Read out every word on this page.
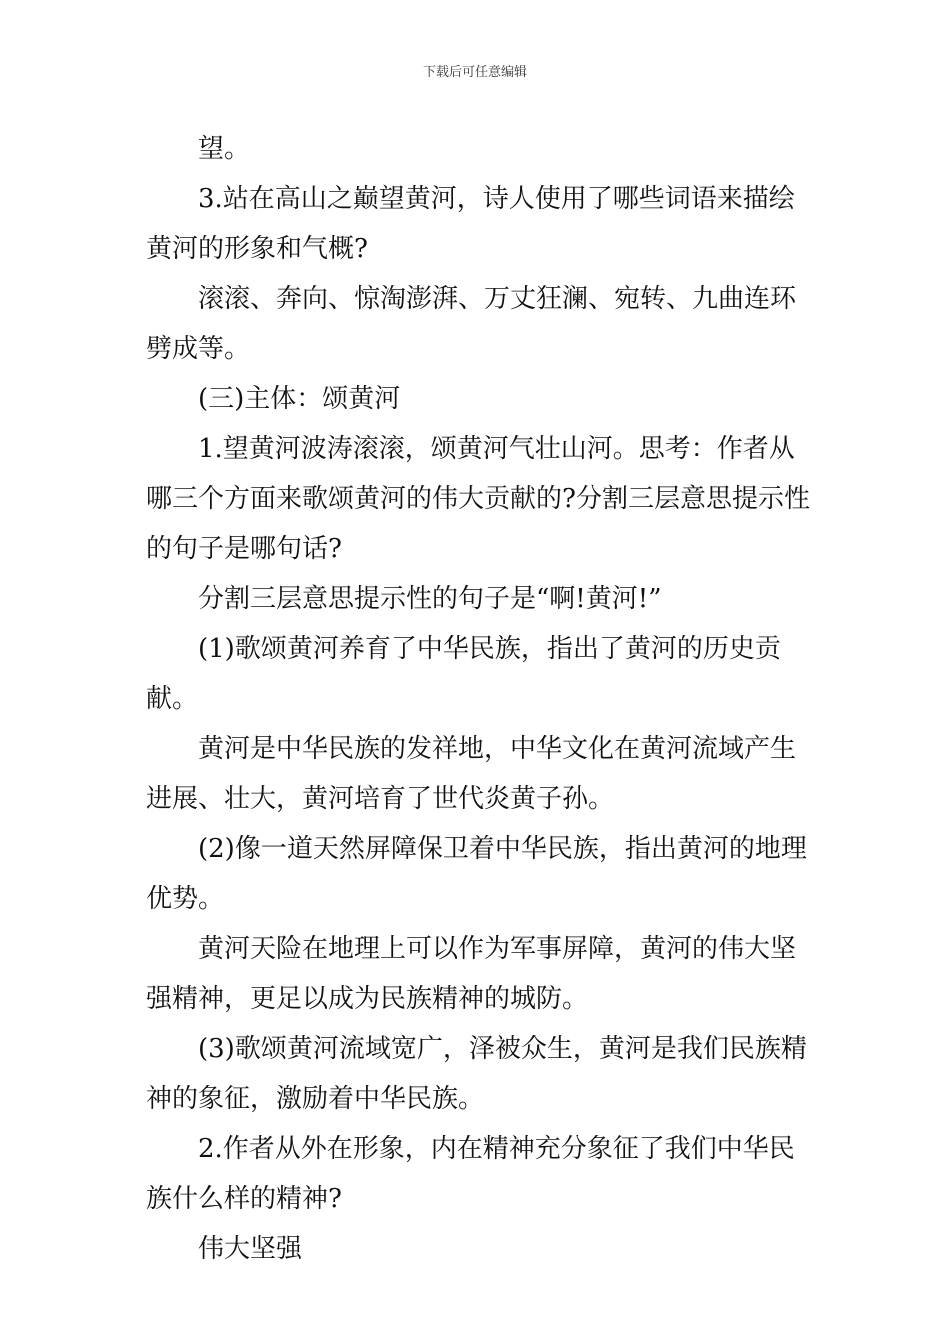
下载后可任意编辑

望。

3.站在高山之巅望黄河，诗人使用了哪些词语来描绘黄河的形象和气概?

滚滚、奔向、惊淘澎湃、万丈狂澜、宛转、九曲连环劈成等。

(三)主体：颂黄河

1.望黄河波涛滚滚，颂黄河气壮山河。思考：作者从哪三个方面来歌颂黄河的伟大贡献的?分割三层意思提示性的句子是哪句话?

分割三层意思提示性的句子是“啊!黄河!”

(1)歌颂黄河养育了中华民族，指出了黄河的历史贡献。

黄河是中华民族的发祥地，中华文化在黄河流域产生进展、壮大，黄河培育了世代炎黄子孙。

(2)像一道天然屏障保卫着中华民族，指出黄河的地理优势。

黄河天险在地理上可以作为军事屏障，黄河的伟大坚强精神，更足以成为民族精神的城防。

(3)歌颂黄河流域宽广，泽被众生，黄河是我们民族精神的象征，激励着中华民族。

2.作者从外在形象，内在精神充分象征了我们中华民族什么样的精神?

伟大坚强
